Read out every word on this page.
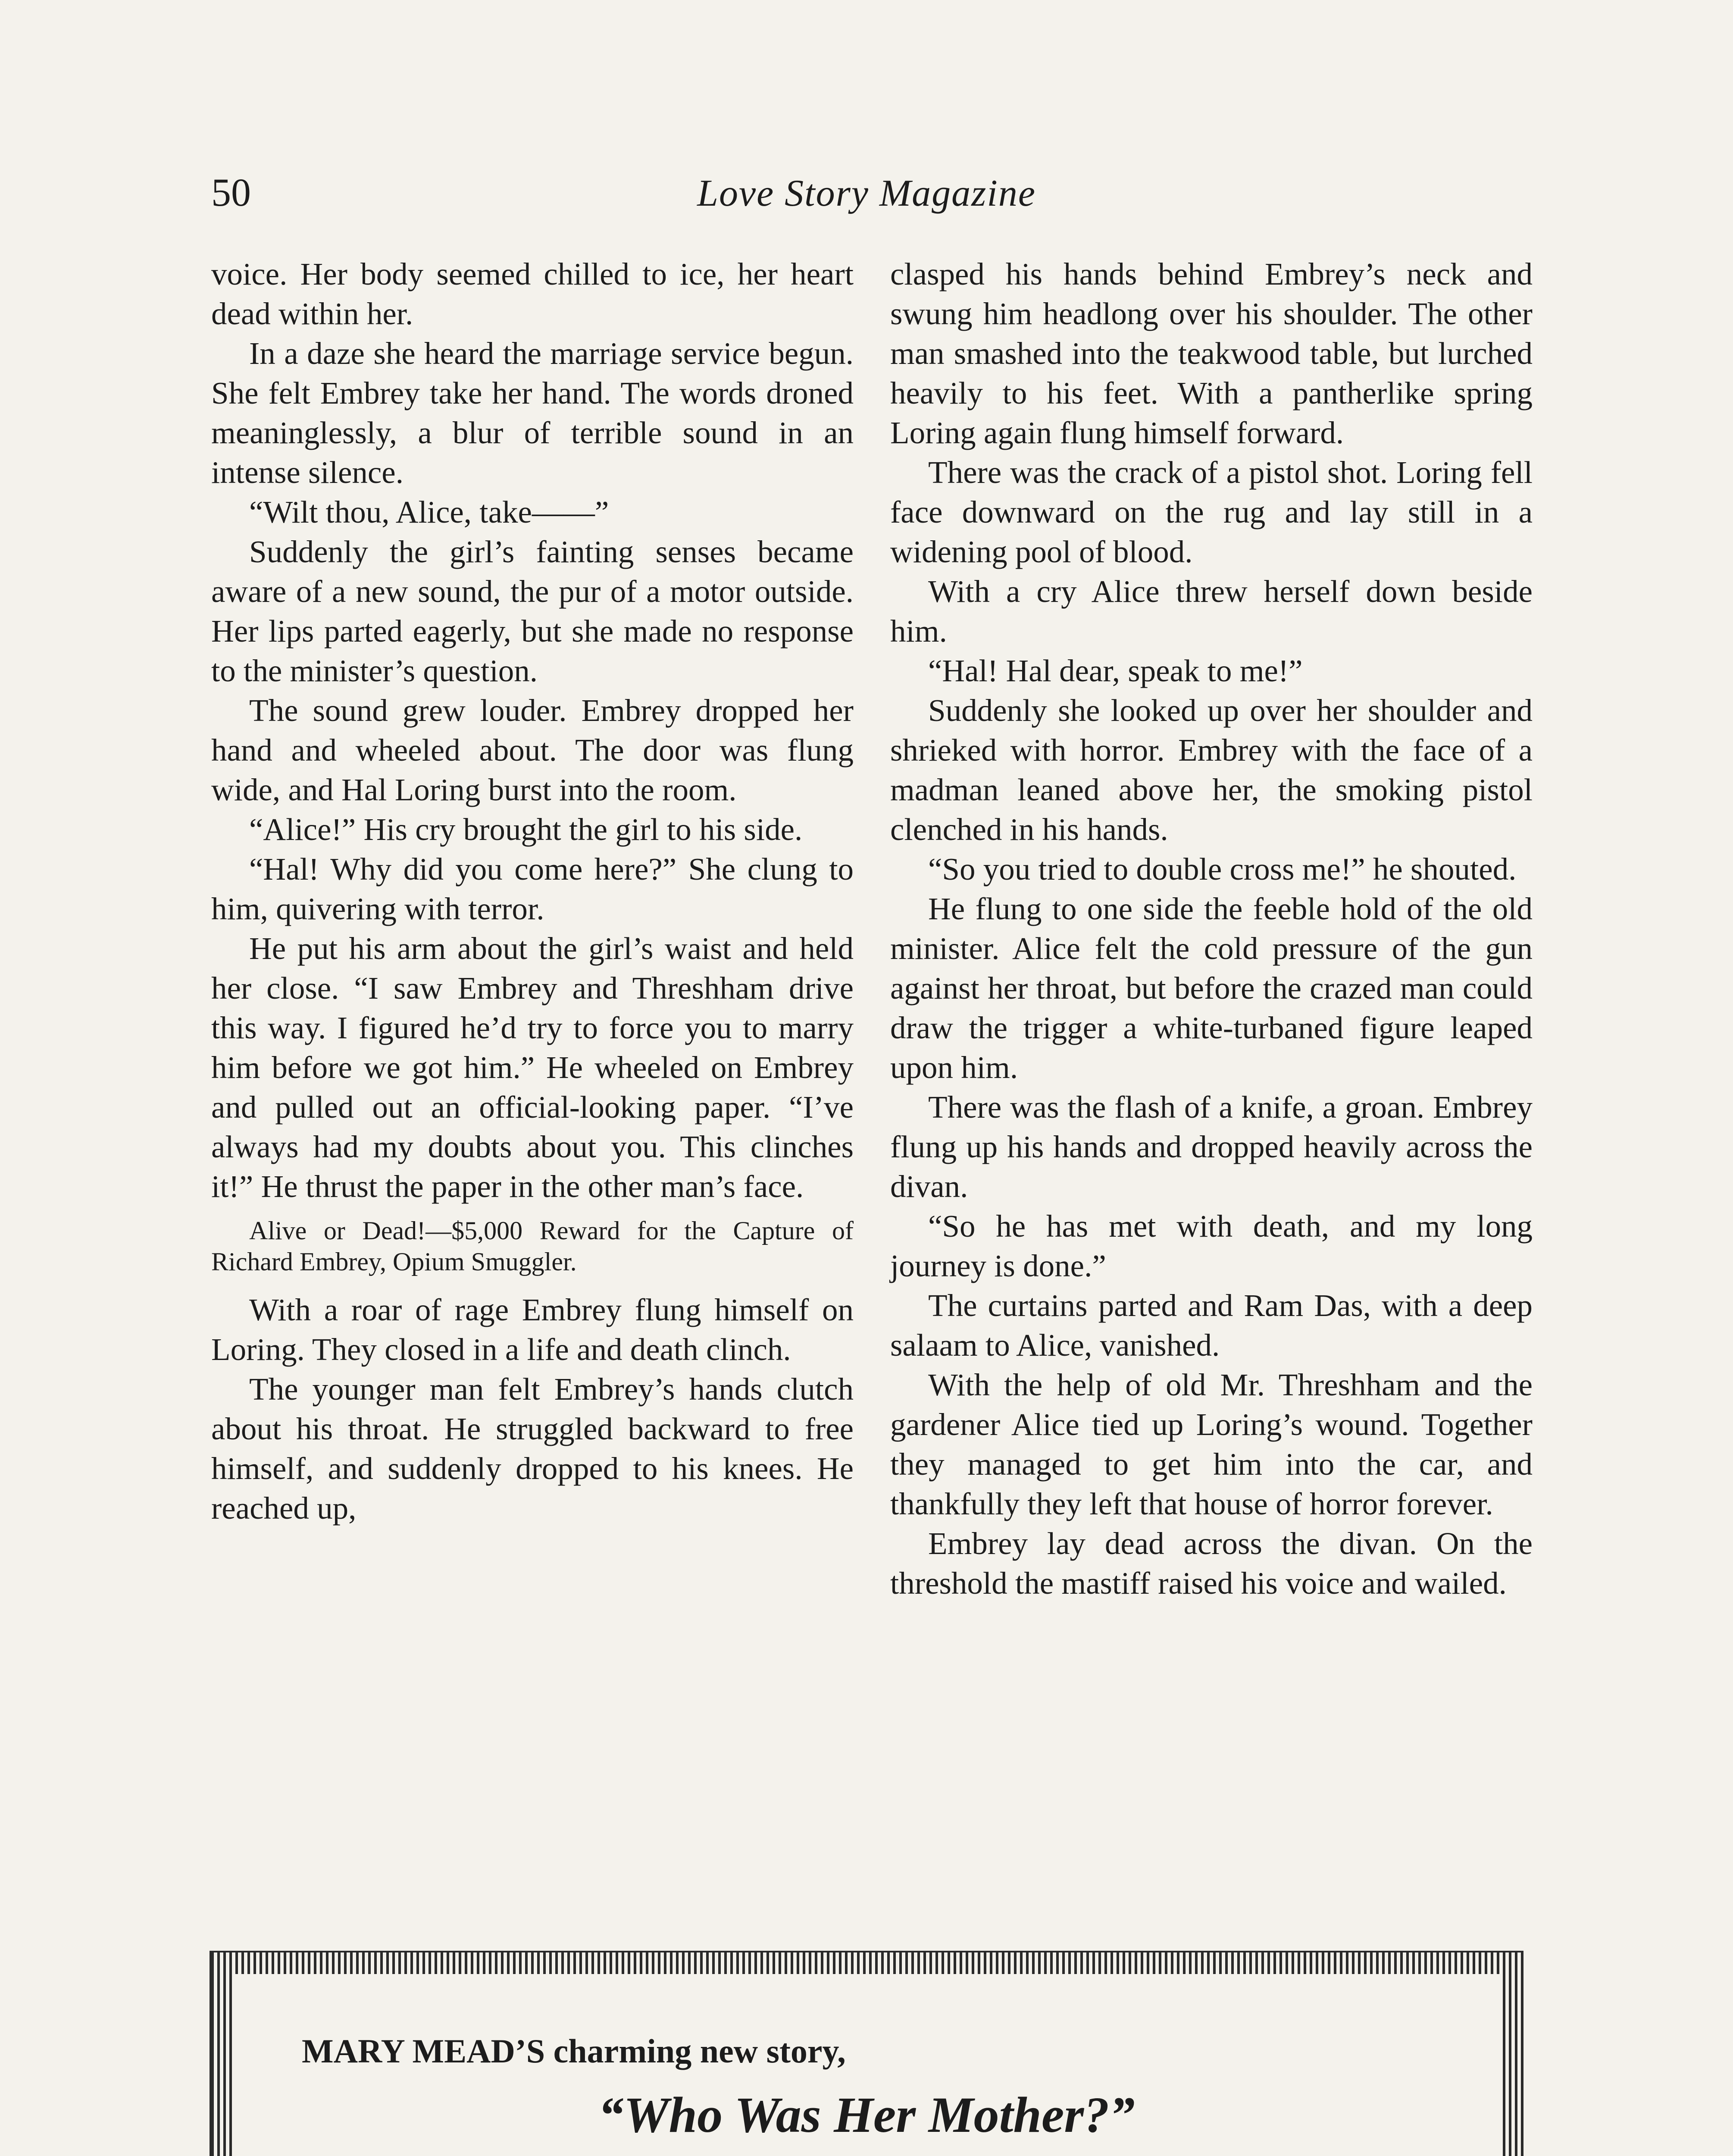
50	Love Story Magazine

voice. Her body seemed chilled to ice, her heart dead within her.

In a daze she heard the marriage service begun. She felt Embrey take her hand. The words droned meaninglessly, a blur of terrible sound in an intense silence.

“Wilt thou, Alice, take——”

Suddenly the girl’s fainting senses became aware of a new sound, the pur of a motor outside. Her lips parted eagerly, but she made no response to the minister’s question.

The sound grew louder. Embrey dropped her hand and wheeled about. The door was flung wide, and Hal Loring burst into the room.

“Alice!” His cry brought the girl to his side.

“Hal! Why did you come here?” She clung to him, quivering with terror.

He put his arm about the girl’s waist and held her close. “I saw Embrey and Threshham drive this way. I figured he’d try to force you to marry him before we got him.” He wheeled on Embrey and pulled out an official-looking paper. “I’ve always had my doubts about you. This clinches it!” He thrust the paper in the other man’s face.

Alive or Dead!—$5,000 Reward for the Capture of Richard Embrey, Opium Smuggler.

With a roar of rage Embrey flung himself on Loring. They closed in a life and death clinch.

The younger man felt Embrey’s hands clutch about his throat. He struggled backward to free himself, and suddenly dropped to his knees. He reached up,

clasped his hands behind Embrey’s neck and swung him headlong over his shoulder. The other man smashed into the teakwood table, but lurched heavily to his feet. With a pantherlike spring Loring again flung himself forward.

There was the crack of a pistol shot. Loring fell face downward on the rug and lay still in a widening pool of blood.

With a cry Alice threw herself down beside him.

“Hal! Hal dear, speak to me!”

Suddenly she looked up over her shoulder and shrieked with horror. Embrey with the face of a madman leaned above her, the smoking pistol clenched in his hands.

“So you tried to double cross me!” he shouted.

He flung to one side the feeble hold of the old minister. Alice felt the cold pressure of the gun against her throat, but before the crazed man could draw the trigger a white-turbaned figure leaped upon him.

There was the flash of a knife, a groan. Embrey flung up his hands and dropped heavily across the divan.

“So he has met with death, and my long journey is done.”

The curtains parted and Ram Das, with a deep salaam to Alice, vanished.

With the help of old Mr. Threshham and the gardener Alice tied up Loring’s wound. Together they managed to get him into the car, and thankfully they left that house of horror forever.

Embrey lay dead across the divan. On the threshold the mastiff raised his voice and wailed.

MARY MEAD’S charming new story,
“Who Was Her Mother?”
